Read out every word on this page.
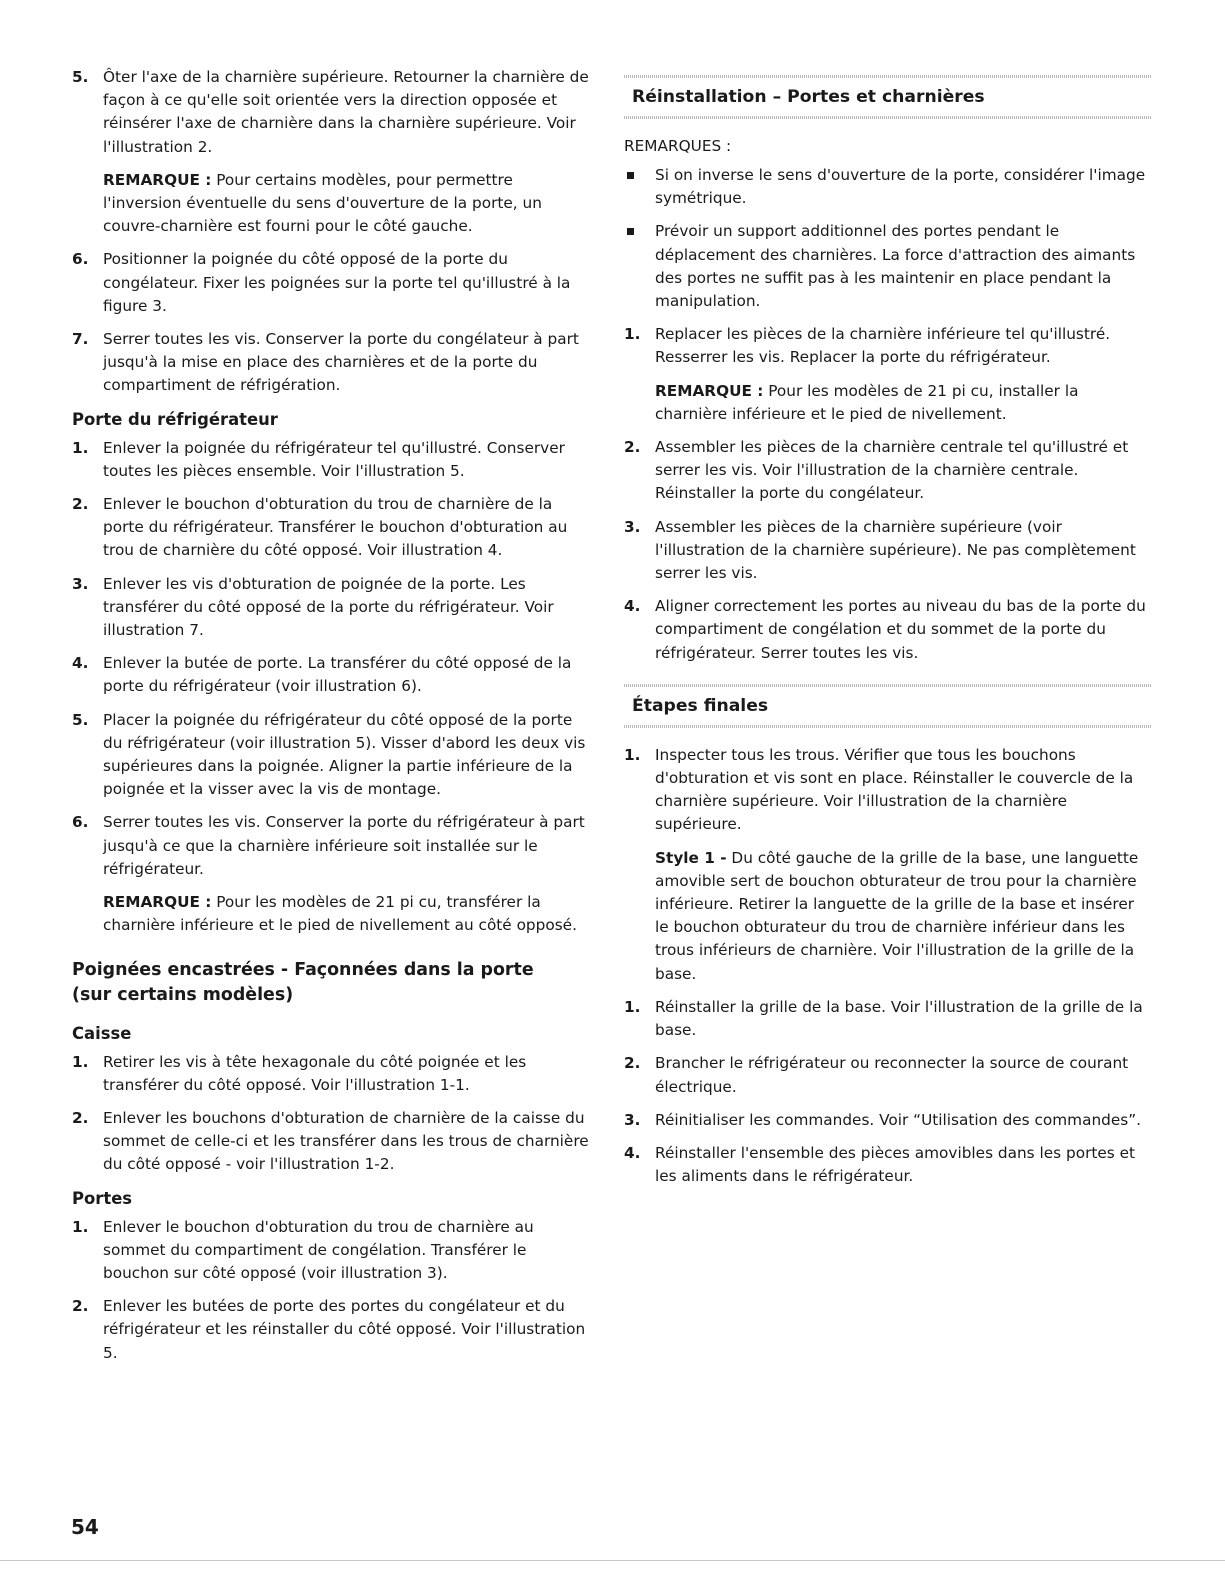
5. Ôter l'axe de la charnière supérieure. Retourner la charnière de façon à ce qu'elle soit orientée vers la direction opposée et réinsérer l'axe de charnière dans la charnière supérieure. Voir l'illustration 2.

REMARQUE : Pour certains modèles, pour permettre l'inversion éventuelle du sens d'ouverture de la porte, un couvre-charnière est fourni pour le côté gauche.

6. Positionner la poignée du côté opposé de la porte du congélateur. Fixer les poignées sur la porte tel qu'illustré à la figure 3.

7. Serrer toutes les vis. Conserver la porte du congélateur à part jusqu'à la mise en place des charnières et de la porte du compartiment de réfrigération.

Porte du réfrigérateur
1. Enlever la poignée du réfrigérateur tel qu'illustré. Conserver toutes les pièces ensemble. Voir l'illustration 5.

2. Enlever le bouchon d'obturation du trou de charnière de la porte du réfrigérateur. Transférer le bouchon d'obturation au trou de charnière du côté opposé. Voir illustration 4.

3. Enlever les vis d'obturation de poignée de la porte. Les transférer du côté opposé de la porte du réfrigérateur. Voir illustration 7.

4. Enlever la butée de porte. La transférer du côté opposé de la porte du réfrigérateur (voir illustration 6).

5. Placer la poignée du réfrigérateur du côté opposé de la porte du réfrigérateur (voir illustration 5). Visser d'abord les deux vis supérieures dans la poignée. Aligner la partie inférieure de la poignée et la visser avec la vis de montage.

6. Serrer toutes les vis. Conserver la porte du réfrigérateur à part jusqu'à ce que la charnière inférieure soit installée sur le réfrigérateur.

REMARQUE : Pour les modèles de 21 pi cu, transférer la charnière inférieure et le pied de nivellement au côté opposé.

Poignées encastrées - Façonnées dans la porte
(sur certains modèles)
Caisse
1. Retirer les vis à tête hexagonale du côté poignée et les transférer du côté opposé. Voir l'illustration 1-1.

2. Enlever les bouchons d'obturation de charnière de la caisse du sommet de celle-ci et les transférer dans les trous de charnière du côté opposé - voir l'illustration 1-2.

Portes
1. Enlever le bouchon d'obturation du trou de charnière au sommet du compartiment de congélation. Transférer le bouchon sur côté opposé (voir illustration 3).

2. Enlever les butées de porte des portes du congélateur et du réfrigérateur et les réinstaller du côté opposé. Voir l'illustration 5.

Réinstallation – Portes et charnières
REMARQUES :
Si on inverse le sens d'ouverture de la porte, considérer l'image symétrique.
Prévoir un support additionnel des portes pendant le déplacement des charnières. La force d'attraction des aimants des portes ne suffit pas à les maintenir en place pendant la manipulation.
1. Replacer les pièces de la charnière inférieure tel qu'illustré. Resserrer les vis. Replacer la porte du réfrigérateur.

REMARQUE : Pour les modèles de 21 pi cu, installer la charnière inférieure et le pied de nivellement.

2. Assembler les pièces de la charnière centrale tel qu'illustré et serrer les vis. Voir l'illustration de la charnière centrale. Réinstaller la porte du congélateur.

3. Assembler les pièces de la charnière supérieure (voir l'illustration de la charnière supérieure). Ne pas complètement serrer les vis.

4. Aligner correctement les portes au niveau du bas de la porte du compartiment de congélation et du sommet de la porte du réfrigérateur. Serrer toutes les vis.

Étapes finales
1. Inspecter tous les trous. Vérifier que tous les bouchons d'obturation et vis sont en place. Réinstaller le couvercle de la charnière supérieure. Voir l'illustration de la charnière supérieure.

Style 1 - Du côté gauche de la grille de la base, une languette amovible sert de bouchon obturateur de trou pour la charnière inférieure. Retirer la languette de la grille de la base et insérer le bouchon obturateur du trou de charnière inférieur dans les trous inférieurs de charnière. Voir l'illustration de la grille de la base.

1. Réinstaller la grille de la base. Voir l'illustration de la grille de la base.

2. Brancher le réfrigérateur ou reconnecter la source de courant électrique.

3. Réinitialiser les commandes. Voir “Utilisation des commandes”.

4. Réinstaller l'ensemble des pièces amovibles dans les portes et les aliments dans le réfrigérateur.

54
